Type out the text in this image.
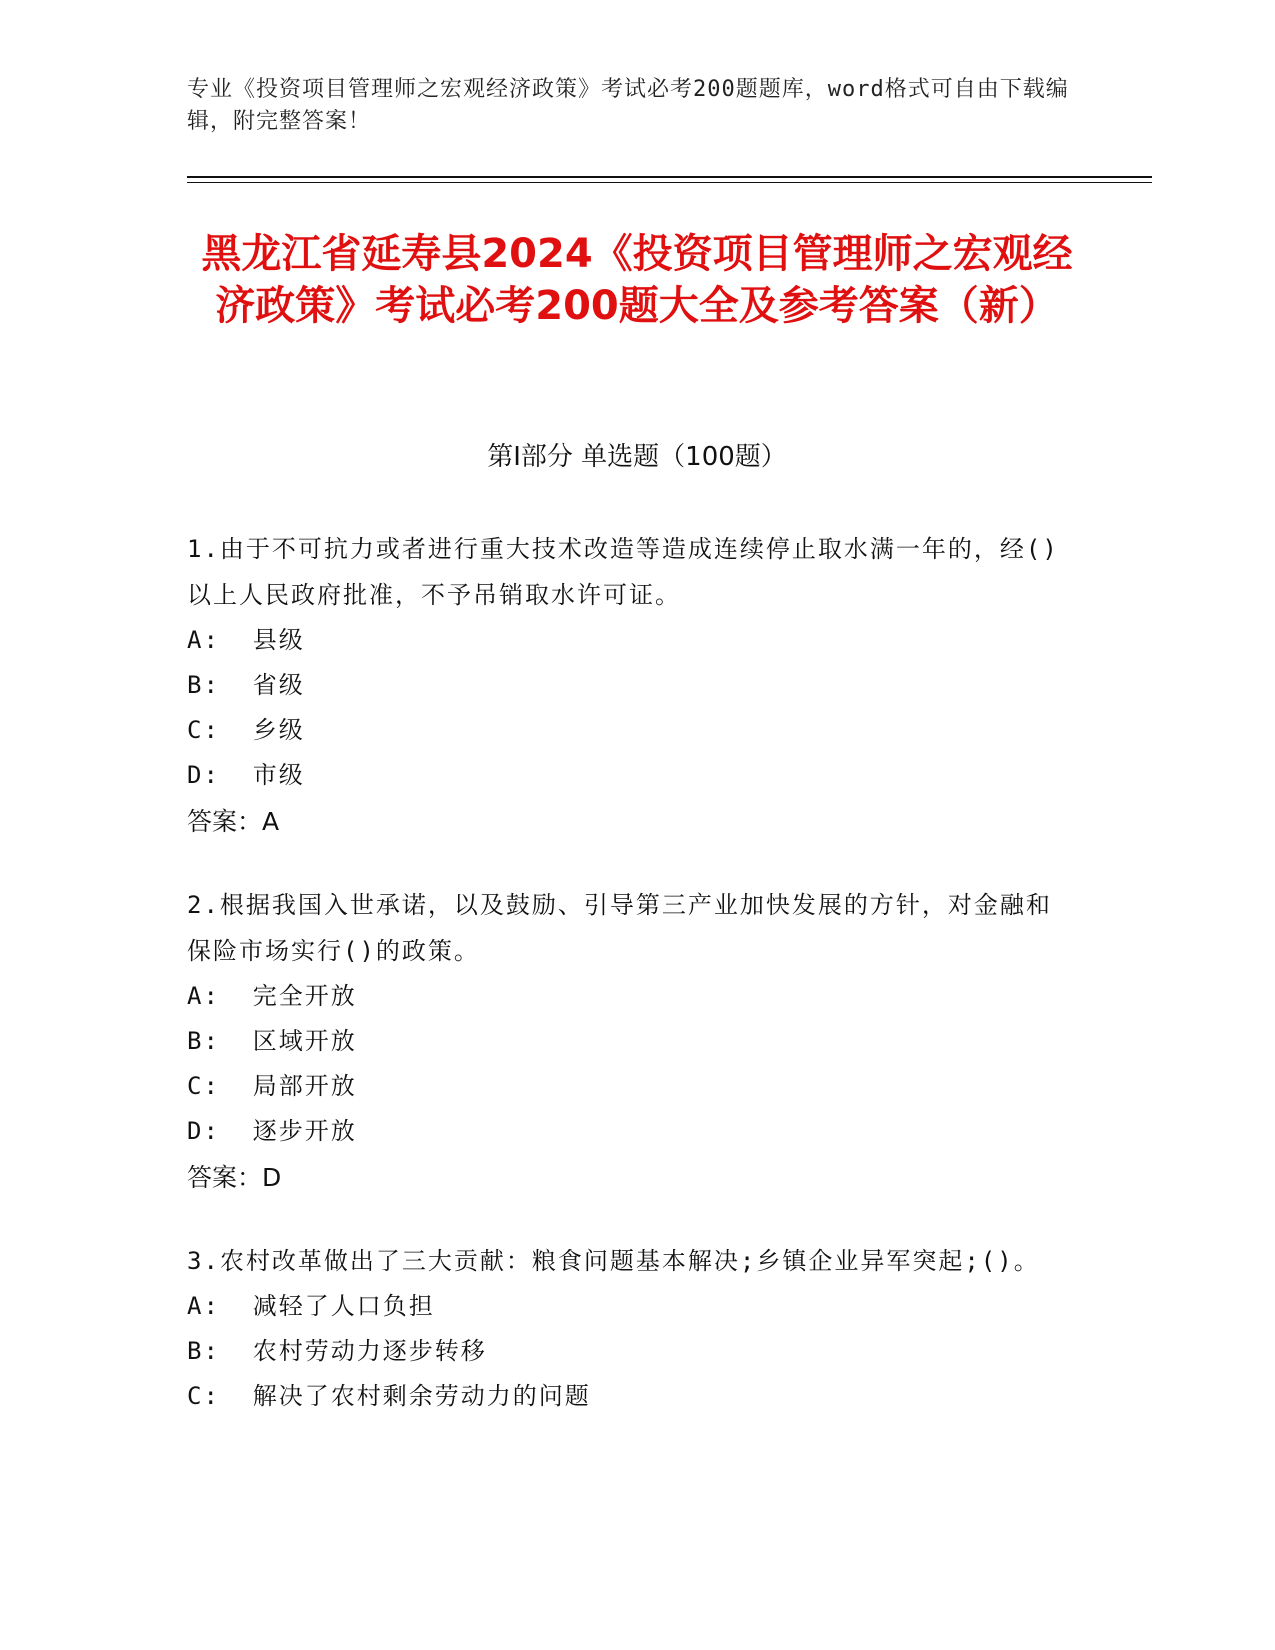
专业《投资项目管理师之宏观经济政策》考试必考200题题库，word格式可自由下载编辑，附完整答案！
黑龙江省延寿县2024《投资项目管理师之宏观经济政策》考试必考200题大全及参考答案（新）
第I部分 单选题（100题）

1.由于不可抗力或者进行重大技术改造等造成连续停止取水满一年的，经()以上人民政府批准，不予吊销取水许可证。

A:  县级
B:  省级
C:  乡级
D:  市级
答案：A

2.根据我国入世承诺，以及鼓励、引导第三产业加快发展的方针，对金融和保险市场实行()的政策。

A:  完全开放
B:  区域开放
C:  局部开放
D:  逐步开放
答案：D

3.农村改革做出了三大贡献：粮食问题基本解决;乡镇企业异军突起;()。

A:  减轻了人口负担
B:  农村劳动力逐步转移
C:  解决了农村剩余劳动力的问题
